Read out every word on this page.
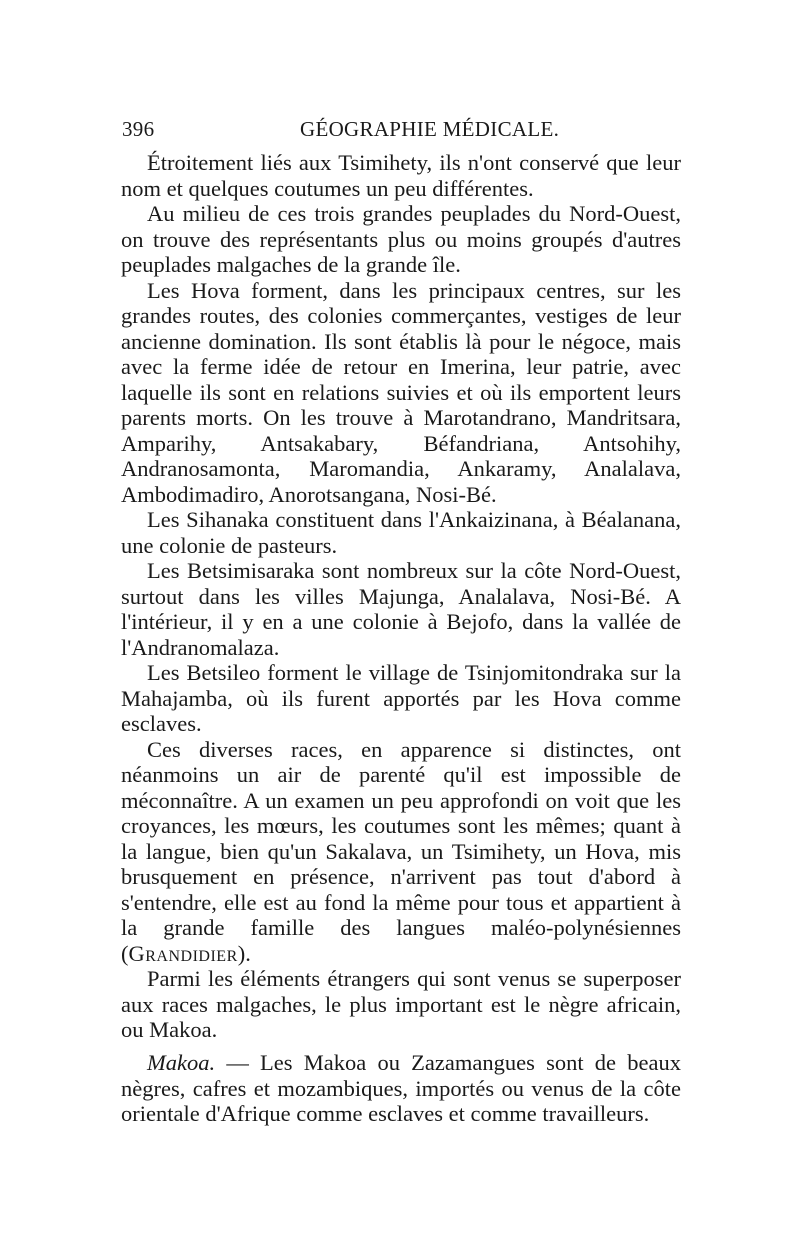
396	GÉOGRAPHIE MÉDICALE.

Étroitement liés aux Tsimihety, ils n'ont conservé que leur nom et quelques coutumes un peu différentes.

Au milieu de ces trois grandes peuplades du Nord-Ouest, on trouve des représentants plus ou moins groupés d'autres peuplades malgaches de la grande île.

Les Hova forment, dans les principaux centres, sur les grandes routes, des colonies commerçantes, vestiges de leur ancienne domination. Ils sont établis là pour le négoce, mais avec la ferme idée de retour en Imerina, leur patrie, avec laquelle ils sont en relations suivies et où ils emportent leurs parents morts. On les trouve à Marotandrano, Mandritsara, Amparihy, Antsakabary, Béfandriana, Antsohihy, Andranosamonta, Maromandia, Ankaramy, Analalava, Ambodimadiro, Anorotsangana, Nosi-Bé.

Les Sihanaka constituent dans l'Ankaizinana, à Béalanana, une colonie de pasteurs.

Les Betsimisaraka sont nombreux sur la côte Nord-Ouest, surtout dans les villes Majunga, Analalava, Nosi-Bé. A l'intérieur, il y en a une colonie à Bejofo, dans la vallée de l'Andranomalaza.

Les Betsileo forment le village de Tsinjomitondraka sur la Mahajamba, où ils furent apportés par les Hova comme esclaves.

Ces diverses races, en apparence si distinctes, ont néanmoins un air de parenté qu'il est impossible de méconnaître. A un examen un peu approfondi on voit que les croyances, les mœurs, les coutumes sont les mêmes; quant à la langue, bien qu'un Sakalava, un Tsimihety, un Hova, mis brusquement en présence, n'arrivent pas tout d'abord à s'entendre, elle est au fond la même pour tous et appartient à la grande famille des langues maléo-polynésiennes (Grandidier).

Parmi les éléments étrangers qui sont venus se superposer aux races malgaches, le plus important est le nègre africain, ou Makoa.

Makoa. — Les Makoa ou Zazamangues sont de beaux nègres, cafres et mozambiques, importés ou venus de la côte orientale d'Afrique comme esclaves et comme travailleurs.
